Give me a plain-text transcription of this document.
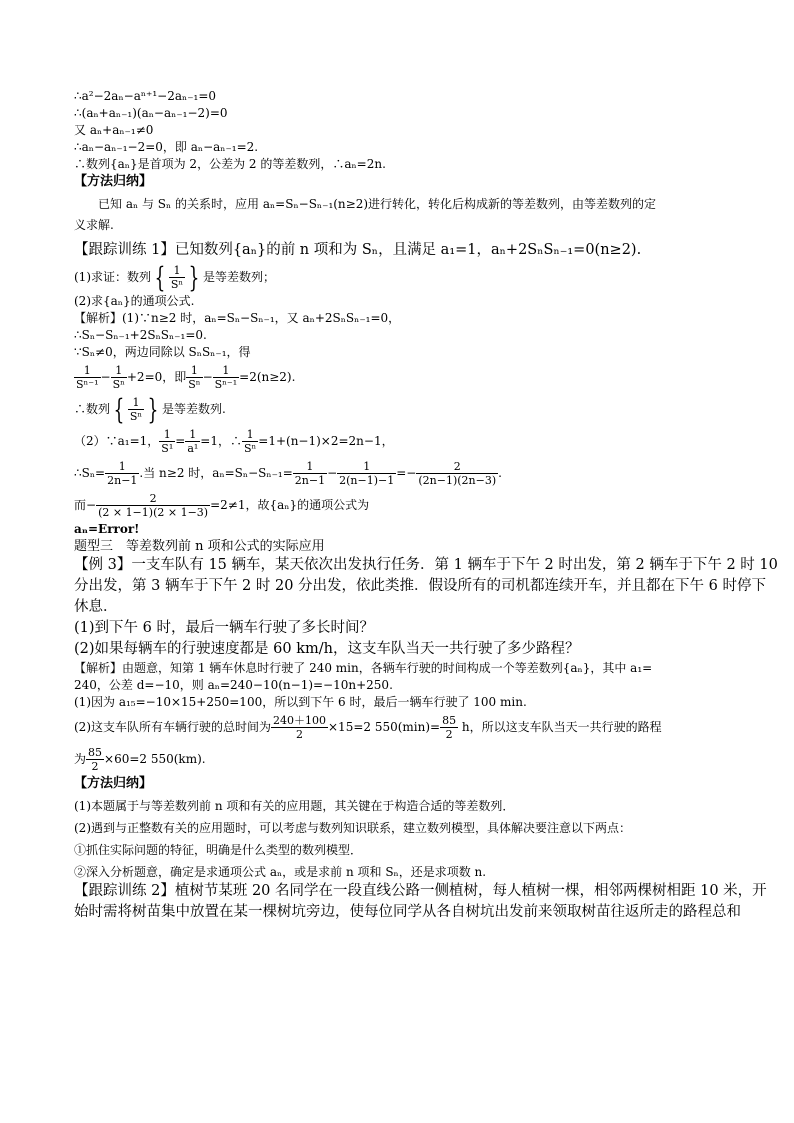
∴a²−2aₙ−aⁿ⁺¹−2aₙ₋₁=0
∴(aₙ+aₙ₋₁)(aₙ−aₙ₋₁−2)=0
又 aₙ+aₙ₋₁≠0
∴aₙ−aₙ₋₁−2=0，即 aₙ−aₙ₋₁=2.
∴数列{aₙ}是首项为 2，公差为 2 的等差数列，∴aₙ=2n.
【方法归纳】
已知 aₙ 与 Sₙ 的关系时，应用 aₙ=Sₙ−Sₙ₋₁(n≥2)进行转化，转化后构成新的等差数列，由等差数列的定
义求解.
【跟踪训练 1】已知数列{aₙ}的前 n 项和为 Sₙ，且满足 a₁=1，aₙ+2SₙSₙ₋₁=0(n≥2).
(1)求证：数列 { $\frac{1}{\text{Sⁿ}}$ } 是等差数列；
(2)求{aₙ}的通项公式.
【解析】(1)∵n≥2 时，aₙ=Sₙ−Sₙ₋₁，又 aₙ+2SₙSₙ₋₁=0，
∴Sₙ−Sₙ₋₁+2SₙSₙ₋₁=0.
∵Sₙ≠0，两边同除以 SₙSₙ₋₁，得
$\frac{1}{\text{Sⁿ⁻¹}} - \frac{1}{\text{Sⁿ}} +2=0$，即 $\frac{1}{\text{Sⁿ}} - \frac{1}{\text{Sⁿ⁻¹}} =2(n\ge 2)$.
∴数列 { $\frac{1}{\text{Sⁿ}}$ } 是等差数列.
（2）∵a₁=1， $\frac{1}{\text{S¹}} = \frac{1}{\text{a¹}} =1$，∴ $\frac{1}{\text{Sⁿ}} =1+(n-1)\times 2=2n-1$，
∴Sₙ= $\frac{1}{2n-1}$ .当 n≥2 时，$a_n=S_n-S_{n-1}= \frac{1}{2n-1} - \frac{1}{2(n-1)-1} =- \frac{2}{(2n-1)(2n-3)}$ .
而− $\frac{2}{(2 \times 1-1)(2 \times 1-3)} =2\ne 1$，故{aₙ}的通项公式为
aₙ=Error!
题型三　等差数列前 n 项和公式的实际应用
【例 3】一支车队有 15 辆车，某天依次出发执行任务．第 1 辆车于下午 2 时出发，第 2 辆车于下午 2 时 10
分出发，第 3 辆车于下午 2 时 20 分出发，依此类推．假设所有的司机都连续开车，并且都在下午 6 时停下
休息．
(1)到下午 6 时，最后一辆车行驶了多长时间？
(2)如果每辆车的行驶速度都是 60 km/h，这支车队当天一共行驶了多少路程？
【解析】由题意，知第 1 辆车休息时行驶了 240 min，各辆车行驶的时间构成一个等差数列{aₙ}，其中 a₁=
240，公差 d=−10，则 aₙ=240−10(n−1)=−10n+250.
(1)因为 a₁₅=−10×15+250=100，所以到下午 6 时，最后一辆车行驶了 100 min.
(2)这支车队所有车辆行驶的总时间为 $\frac{240+100}{2} \times 15=2$ $550(\min)= \frac{85}{2}$ h，所以这支车队当天一共行驶的路程
为 $\frac{85}{2} \times 60=2$ 550(km).
【方法归纳】
(1)本题属于与等差数列前 n 项和有关的应用题，其关键在于构造合适的等差数列．
(2)遇到与正整数有关的应用题时，可以考虑与数列知识联系，建立数列模型，具体解决要注意以下两点：
①抓住实际问题的特征，明确是什么类型的数列模型．
②深入分析题意，确定是求通项公式 aₙ，或是求前 n 项和 Sₙ，还是求项数 n.
【跟踪训练 2】植树节某班 20 名同学在一段直线公路一侧植树，每人植树一棵，相邻两棵树相距 10 米，开
始时需将树苗集中放置在某一棵树坑旁边，使每位同学从各自树坑出发前来领取树苗往返所走的路程总和
